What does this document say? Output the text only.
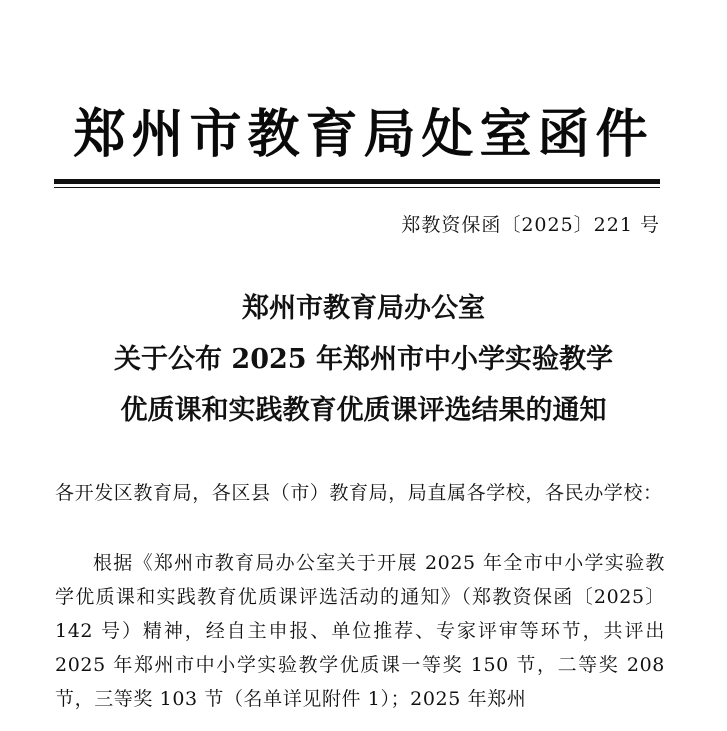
郑州市教育局处室函件
郑教资保函〔2025〕221 号
郑州市教育局办公室
关于公布 2025 年郑州市中小学实验教学
优质课和实践教育优质课评选结果的通知
各开发区教育局，各区县（市）教育局，局直属各学校，各民办学校：
根据《郑州市教育局办公室关于开展 2025 年全市中小学实验教学优质课和实践教育优质课评选活动的通知》（郑教资保函〔2025〕142 号）精神，经自主申报、单位推荐、专家评审等环节，共评出 2025 年郑州市中小学实验教学优质课一等奖 150 节，二等奖 208 节，三等奖 103 节（名单详见附件 1）；2025 年郑州
